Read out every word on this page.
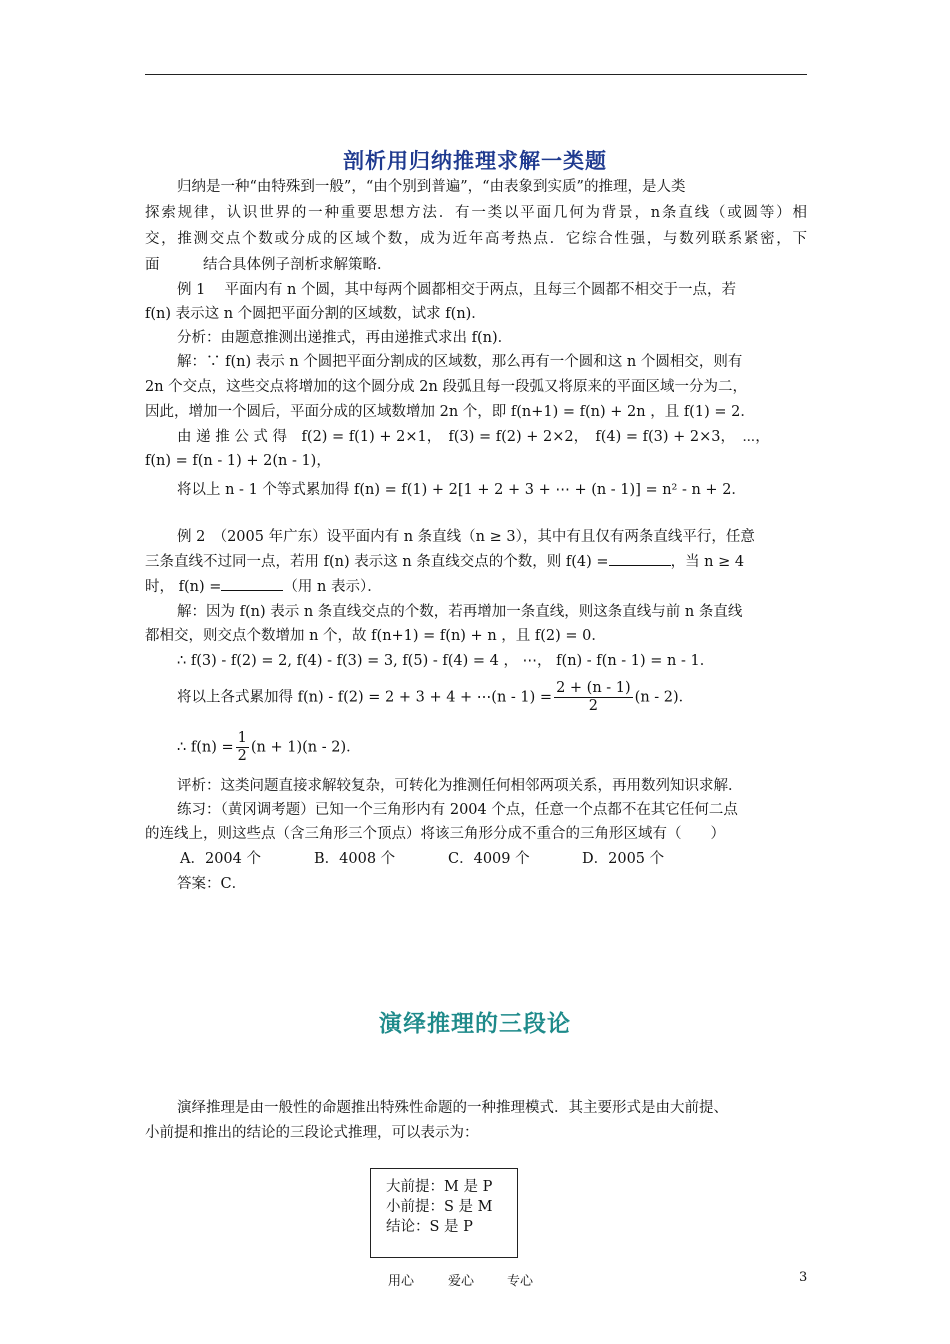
剖析用归纳推理求解一类题
归纳是一种“由特殊到一般”，“由个别到普遍”，“由表象到实质”的推理，是人类
探索规律，认识世界的一种重要思想方法．有一类以平面几何为背景，n条直线（或圆等）相
交，推测交点个数或分成的区域个数，成为近年高考热点．它综合性强，与数列联系紧密，下
面　　　结合具体例子剖析求解策略．
例 1　 平面内有 n 个圆，其中每两个圆都相交于两点，且每三个圆都不相交于一点，若
f(n) 表示这 n 个圆把平面分割的区域数，试求 f(n)．
分析：由题意推测出递推式，再由递推式求出 f(n)．
解：∵ f(n) 表示 n 个圆把平面分割成的区域数，那么再有一个圆和这 n 个圆相交，则有
2n 个交点，这些交点将增加的这个圆分成 2n 段弧且每一段弧又将原来的平面区域一分为二，
因此，增加一个圆后，平面分成的区域数增加 2n 个，即 f(n+1) = f(n) + 2n ，且 f(1) = 2．
由 递 推 公 式 得　f(2) = f(1) + 2×1，　f(3) = f(2) + 2×2，　f(4) = f(3) + 2×3，　⋯，
f(n) = f(n - 1) + 2(n - 1)，
将以上 n - 1 个等式累加得 f(n) = f(1) + 2[1 + 2 + 3 + ⋯ + (n - 1)] = n² - n + 2．
例 2　（2005 年广东）设平面内有 n 条直线（n ≥ 3），其中有且仅有两条直线平行，任意
三条直线不过同一点，若用 f(n) 表示这 n 条直线交点的个数，则 f(4) =	，当 n ≥ 4
时， f(n) =	（用 n 表示）．
解：因为 f(n) 表示 n 条直线交点的个数，若再增加一条直线，则这条直线与前 n 条直线
都相交，则交点个数增加 n 个，故 f(n+1) = f(n) + n ，且 f(2) = 0．
∴ f(3) - f(2) = 2, f(4) - f(3) = 3, f(5) - f(4) = 4 ， ⋯， f(n) - f(n - 1) = n - 1．
将以上各式累加得 f(n) - f(2) = 2 + 3 + 4 + ⋯(n - $1) = \frac{2 + (n - 1)}{2} (n - 2)$．
∴ $f(n) = \frac{1}{2} (n + 1)(n - 2)$．
评析：这类问题直接求解较复杂，可转化为推测任何相邻两项关系，再用数列知识求解．
练习：（黄冈调考题）已知一个三角形内有 2004 个点，任意一个点都不在其它任何二点
的连线上，则这些点（含三角形三个顶点）将该三角形分成不重合的三角形区域有（　　）
A．2004 个	B．4008 个	C．4009 个	D．2005 个
答案：C．
演绎推理的三段论
演绎推理是由一般性的命题推出特殊性命题的一种推理模式．其主要形式是由大前提、
小前提和推出的结论的三段论式推理，可以表示为：
大前提：M 是 P
小前提：S 是 M
结论：S 是 P
用心	爱心	专心	3
